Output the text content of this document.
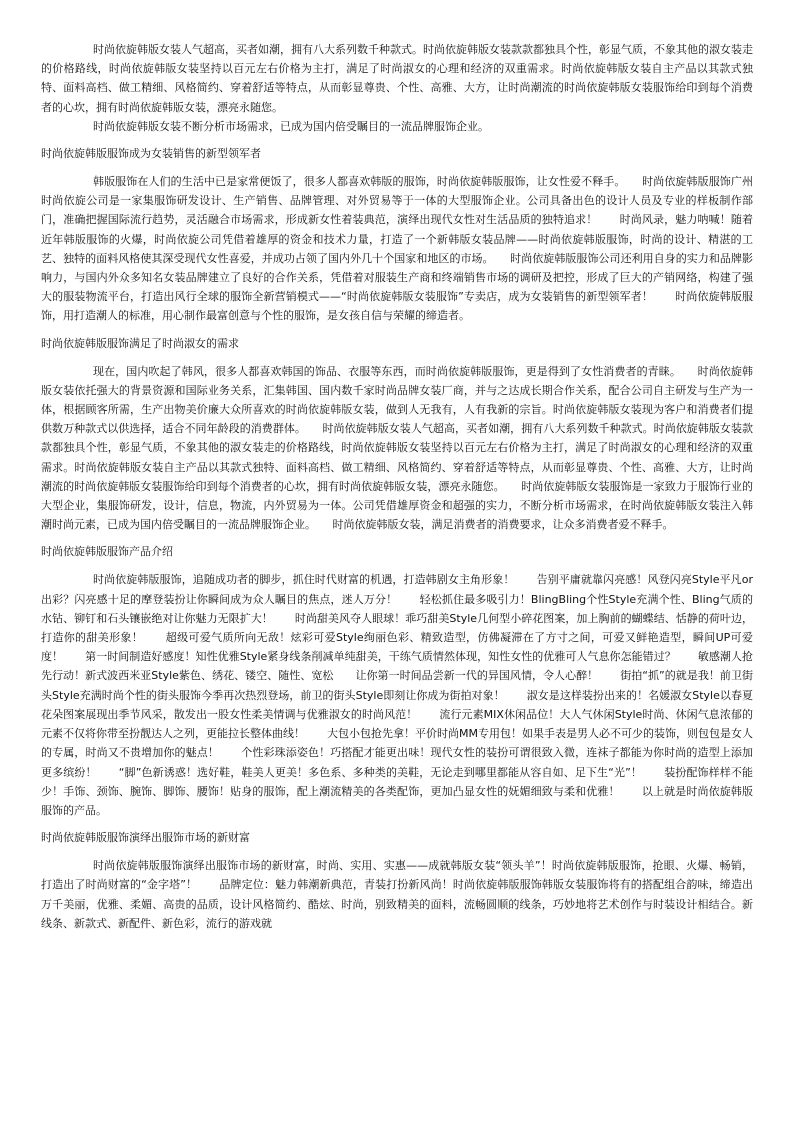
时尚依旋韩版女装人气超高，买者如潮，拥有八大系列数千种款式。时尚依旋韩版女装款款都独具个性，彰显气质，不象其他的淑女装走的价格路线，时尚依旋韩版女装坚持以百元左右价格为主打，满足了时尚淑女的心理和经济的双重需求。时尚依旋韩版女装自主产品以其款式独特、面料高档、做工精细、风格简约、穿着舒适等特点，从而彰显尊贵、个性、高雅、大方，让时尚潮流的时尚依旋韩版女装服饰给印到每个消费者的心坎，拥有时尚依旋韩版女装，漂亮永随您。

时尚依旋韩版女装不断分析市场需求，已成为国内倍受瞩目的一流品牌服饰企业。

时尚依旋韩版服饰成为女装销售的新型领军者

韩版服饰在人们的生活中已是家常便饭了，很多人都喜欢韩版的服饰，时尚依旋韩版服饰，让女性爱不释手。　　时尚依旋韩版服饰广州时尚依旋公司是一家集服饰研发设计、生产销售、品牌管理、对外贸易等于一体的大型服饰企业。公司具备出色的设计人员及专业的样板制作部门，准确把握国际流行趋势，灵活融合市场需求，形成新女性着装典范，演绎出现代女性对生活品质的独特追求！　　时尚风录，魅力呐喊！随着近年韩版服饰的火爆，时尚依旋公司凭借着雄厚的资金和技术力量，打造了一个新韩版女装品牌——时尚依旋韩版服饰，时尚的设计、精湛的工艺、独特的面料风格使其深受现代女性喜爱，并成功占领了国内外几十个国家和地区的市场。　　时尚依旋韩版服饰公司还利用自身的实力和品牌影响力，与国内外众多知名女装品牌建立了良好的合作关系，凭借着对服装生产商和终端销售市场的调研及把控，形成了巨大的产销网络，构建了强大的服装物流平台，打造出风行全球的服饰全新营销模式——“时尚依旋韩版女装服饰”专卖店，成为女装销售的新型领军者！　　时尚依旋韩版服饰，用打造潮人的标准，用心制作最富创意与个性的服饰，是女孩自信与荣耀的缔造者。

时尚依旋韩版服饰满足了时尚淑女的需求

现在，国内吹起了韩风，很多人都喜欢韩国的饰品、衣服等东西，而时尚依旋韩版服饰，更是得到了女性消费者的青睐。　　时尚依旋韩版女装依托强大的背景资源和国际业务关系，汇集韩国、国内数千家时尚品牌女装厂商，并与之达成长期合作关系，配合公司自主研发与生产为一体，根据顾客所需，生产出物美价廉大众所喜欢的时尚依旋韩版女装，做到人无我有，人有我新的宗旨。时尚依旋韩版女装现为客户和消费者们提供数万种款式以供选择，适合不同年龄段的消费群体。　　时尚依旋韩版女装人气超高，买者如潮，拥有八大系列数千种款式。时尚依旋韩版女装款款都独具个性，彰显气质，不象其他的淑女装走的价格路线，时尚依旋韩版女装坚持以百元左右价格为主打，满足了时尚淑女的心理和经济的双重需求。时尚依旋韩版女装自主产品以其款式独特、面料高档、做工精细、风格简约、穿着舒适等特点，从而彰显尊贵、个性、高雅、大方，让时尚潮流的时尚依旋韩版女装服饰给印到每个消费者的心坎，拥有时尚依旋韩版女装，漂亮永随您。　　时尚依旋韩版女装服饰是一家致力于服饰行业的大型企业，集服饰研发，设计，信息，物流，内外贸易为一体。公司凭借雄厚资金和超强的实力，不断分析市场需求，在时尚依旋韩版女装注入韩潮时尚元素，已成为国内倍受瞩目的一流品牌服饰企业。　　时尚依旋韩版女装，满足消费者的消费要求，让众多消费者爱不释手。

时尚依旋韩版服饰产品介绍

时尚依旋韩版服饰，追随成功者的脚步，抓住时代财富的机遇，打造韩剧女主角形象！　　告别平庸就靠闪亮感！风登闪亮Style平凡or出彩？闪亮感十足的摩登装扮让你瞬间成为众人瞩目的焦点，迷人万分！　　轻松抓住最多吸引力！BlingBling个性Style充满个性、Bling气质的水钻、铆钉和石头镶嵌绝对让你魅力无限扩大！　　时尚甜美风夺人眼球！乖巧甜美Style几何型小碎花图案，加上胸前的蝴蝶结、恬静的荷叶边，打造你的甜美形象！　　超级可爱气质所向无敌！炫彩可爱Style绚丽色彩、精致造型，仿佛凝滞在了方寸之间，可爱又鲜艳造型，瞬间UP可爱度！　　第一时间制造好感度！知性优雅Style紧身线条削减单纯甜美，干练气质情然体现，知性女性的优雅可人气息你怎能错过？　　敏感潮人抢先行动！新式波西米亚Style紫色、绣花、镂空、随性、宽松　　让你第一时间品尝新一代的异国风情，令人心醉！　　街拍“抓”的就是我！前卫街头Style充满时尚个性的街头服饰今季再次热烈登场，前卫的街头Style即刻让你成为街拍对象！　　淑女是这样装扮出来的！名媛淑女Style以春夏花朵图案展现出季节风采，散发出一股女性柔美情调与优雅淑女的时尚风范！　　流行元素MIX休闲品位！大人气休闲Style时尚、休闲气息浓郁的元素不仅将你带至扮靓达人之列，更能拉长整体曲线！　　大包小包抢先拿！平价时尚MM专用包！如果手表是男人必不可少的装饰，则包包是女人的专属，时尚又不贵增加你的魅点！　　个性彩珠添姿色！巧搭配才能更出味！现代女性的装扮可谓很致入微，连袜子都能为你时尚的造型上添加更多缤纷！　　“脚”色新诱惑！选好鞋，鞋美人更美！多色系、多种类的美鞋，无论走到哪里都能从容自如、足下生“光”！　　装扮配饰样样不能少！手饰、颈饰、腕饰、脚饰、腰饰！贴身的服饰，配上潮流精美的各类配饰，更加凸显女性的妩媚细致与柔和优雅！　　以上就是时尚依旋韩版服饰的产品。

时尚依旋韩版服饰演绎出服饰市场的新财富

时尚依旋韩版服饰演绎出服饰市场的新财富，时尚、实用、实惠——成就韩版女装“领头羊”！时尚依旋韩版服饰，抢眼、火爆、畅销，打造出了时尚财富的“金字塔”！　　品牌定位：魅力韩潮新典范，青装打扮新风尚！时尚依旋韩版服饰韩版女装服饰将有的搭配组合韵味，缔造出万千美丽，优雅、柔媚、高贵的品质，设计风格简约、酷炫、时尚，别致精美的面料，流畅圆顺的线条，巧妙地将艺术创作与时装设计相结合。新线条、新款式、新配件、新色彩，流行的游戏就
